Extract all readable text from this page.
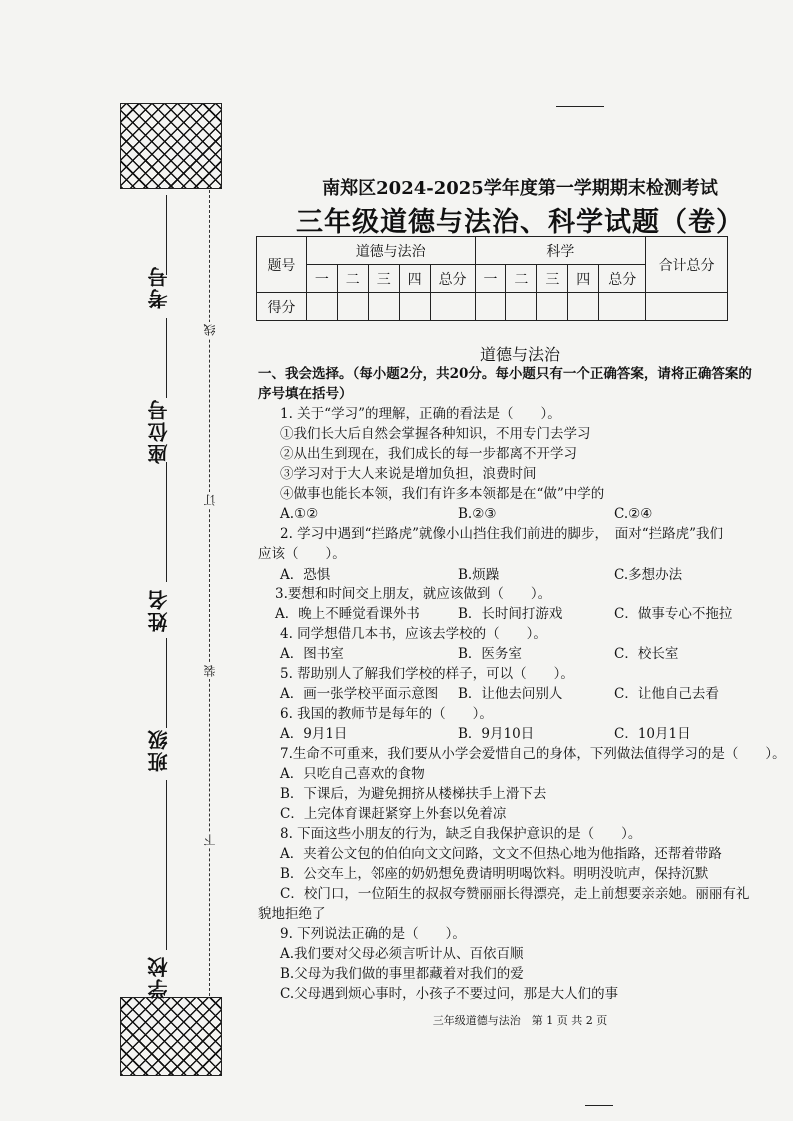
考号
座位号
姓名
班级
学校
线
订
装
下
南郑区2024-2025学年度第一学期期末检测考试
三年级道德与法治、科学试题（卷）
题号	道德与法治					科学					合计总分
	一	二	三	四	总分	一	二	三	四	总分	
得分											
道德与法治
一、我会选择。（每小题2分，共20分。每小题只有一个正确答案，请将正确答案的
序号填在括号）
1. 关于“学习”的理解，正确的看法是（　　）。
①我们长大后自然会掌握各种知识，不用专门去学习
②从出生到现在，我们成长的每一步都离不开学习
③学习对于大人来说是增加负担，浪费时间
④做事也能长本领，我们有许多本领都是在“做”中学的
A.①②	B.②③	C.②④
2. 学习中遇到“拦路虎”就像小山挡住我们前进的脚步，　面对“拦路虎”我们
应该（　　）。
A．恐惧	B.烦躁	C.多想办法
3.要想和时间交上朋友，就应该做到（　　）。
A．晚上不睡觉看课外书	B．长时间打游戏	C．做事专心不拖拉
4. 同学想借几本书，应该去学校的（　　）。
A．图书室	B．医务室	C．校长室
5. 帮助别人了解我们学校的样子，可以（　　）。
A．画一张学校平面示意图 B．让他去问别人	C．让他自己去看
6. 我国的教师节是每年的（　　）。
A．9月1日	B．9月10日	C．10月1日
7.生命不可重来，我们要从小学会爱惜自己的身体，下列做法值得学习的是（　　）。
A．只吃自己喜欢的食物
B．下课后，为避免拥挤从楼梯扶手上滑下去
C．上完体育课赶紧穿上外套以免着凉
8. 下面这些小朋友的行为，缺乏自我保护意识的是（　　）。
A．夹着公文包的伯伯向文文问路，文文不但热心地为他指路，还帮着带路
B．公交车上，邻座的奶奶想免费请明明喝饮料。明明没吭声，保持沉默
C．校门口，一位陌生的叔叔夸赞丽丽长得漂亮，走上前想要亲亲她。丽丽有礼
貌地拒绝了
9. 下列说法正确的是（　　）。
A.我们要对父母必须言听计从、百依百顺
B.父母为我们做的事里都藏着对我们的爱
C.父母遇到烦心事时，小孩子不要过问，那是大人们的事
三年级道德与法治　第 1 页 共 2 页
